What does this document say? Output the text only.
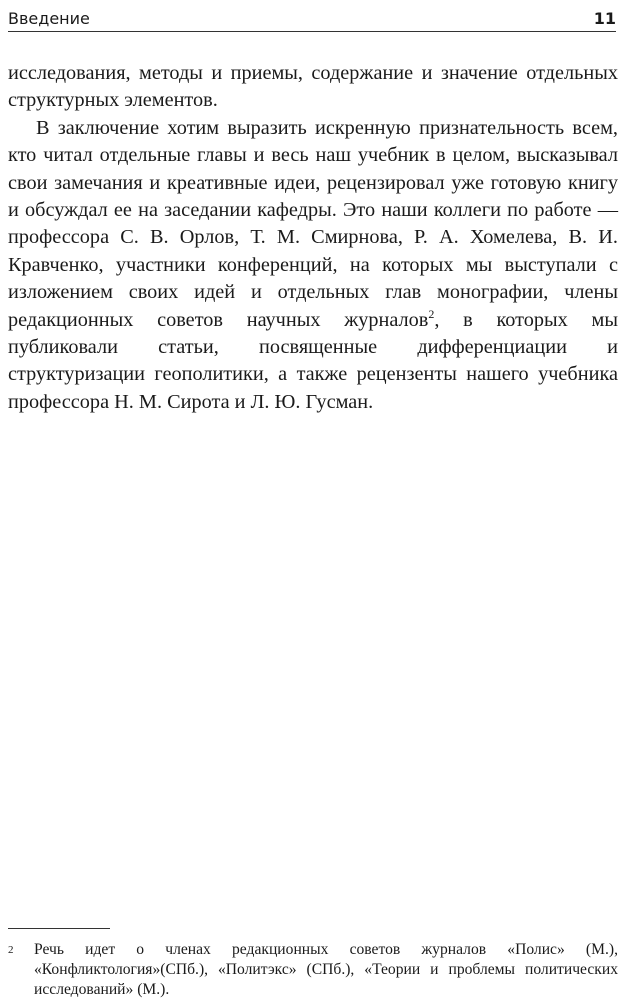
Введение	11

исследования, методы и приемы, содержание и значение отдельных структурных элементов.

В заключение хотим выразить искренную признательность всем, кто читал отдельные главы и весь наш учебник в целом, высказывал свои замечания и креативные идеи, рецензировал уже готовую книгу и обсуждал ее на заседании кафедры. Это наши коллеги по работе — профессора С. В. Орлов, Т. М. Смирнова, Р. А. Хомелева, В. И. Кравченко, участники конференций, на которых мы выступали с изложением своих идей и отдельных глав монографии, члены редакционных советов научных журналов$^2$, в которых мы публиковали статьи, посвященные дифференциации и структуризации геополитики, а также рецензенты нашего учебника профессора Н. М. Сирота и Л. Ю. Гусман.

2	Речь идет о членах редакционных советов журналов «Полис» (М.), «Конфликтология»(СПб.), «Политэкс» (СПб.), «Теории и проблемы политических исследований» (М.).
